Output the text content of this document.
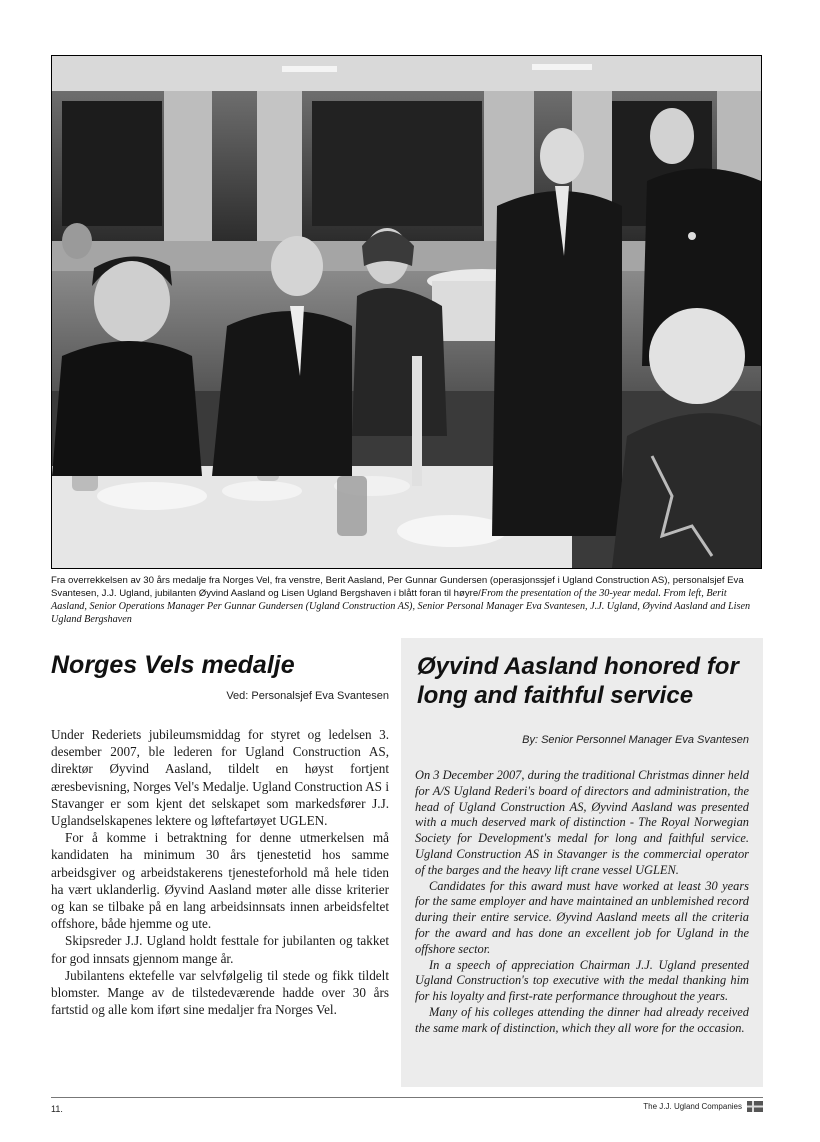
Fra overrekkelsen av 30 års medalje fra Norges Vel, fra venstre, Berit Aasland, Per Gunnar Gundersen (operasjonssjef i Ugland Construction AS), personalsjef Eva Svantesen, J.J. Ugland, jubilanten Øyvind Aasland og Lisen Ugland Bergshaven i blått foran til høyre/From the presentation of the 30-year medal. From left, Berit Aasland, Senior Operations Manager Per Gunnar Gundersen (Ugland Construction AS), Senior Personal Manager Eva Svantesen, J.J. Ugland, Øyvind Aasland and Lisen Ugland Bergshaven
Norges Vels medalje
Ved: Personalsjef Eva Svantesen

Under Rederiets jubileumsmiddag for styret og ledelsen 3. desember 2007, ble lederen for Ugland Construction AS, direktør Øyvind Aasland, tildelt en høyst fortjent æresbevisning, Norges Vel's Medalje. Ugland Construction AS i Stavanger er som kjent det selskapet som markedsfører J.J. Uglandselskapenes lektere og løftefartøyet UGLEN.

For å komme i betraktning for denne utmerkelsen må kandidaten ha minimum 30 års tjenestetid hos samme arbeidsgiver og arbeidstakerens tjenesteforhold må hele tiden ha vært uklanderlig. Øyvind Aasland møter alle disse kriterier og kan se tilbake på en lang arbeidsinnsats innen arbeidsfeltet offshore, både hjemme og ute.

Skipsreder J.J. Ugland holdt festtale for jubilanten og takket for god innsats gjennom mange år.

Jubilantens ektefelle var selvfølgelig til stede og fikk tildelt blomster. Mange av de tilstedeværende hadde over 30 års fartstid og alle kom iført sine medaljer fra Norges Vel.

Øyvind Aasland honored for long and faithful service
By: Senior Personnel Manager Eva Svantesen

On 3 December 2007, during the traditional Christmas dinner held for A/S Ugland Rederi's board of directors and administration, the head of Ugland Construction AS, Øyvind Aasland was presented with a much deserved mark of distinction - The Royal Norwegian Society for Development's medal for long and faithful service. Ugland Construction AS in Stavanger is the commercial operator of the barges and the heavy lift crane vessel UGLEN.

Candidates for this award must have worked at least 30 years for the same employer and have maintained an unblemished record during their entire service. Øyvind Aasland meets all the criteria for the award and has done an excellent job for Ugland in the offshore sector.

In a speech of appreciation Chairman J.J. Ugland presented Ugland Construction's top executive with the medal thanking him for his loyalty and first-rate performance throughout the years.

Many of his colleges attending the dinner had already received the same mark of distinction, which they all wore for the occasion.

11.	The J.J. Ugland Companies
